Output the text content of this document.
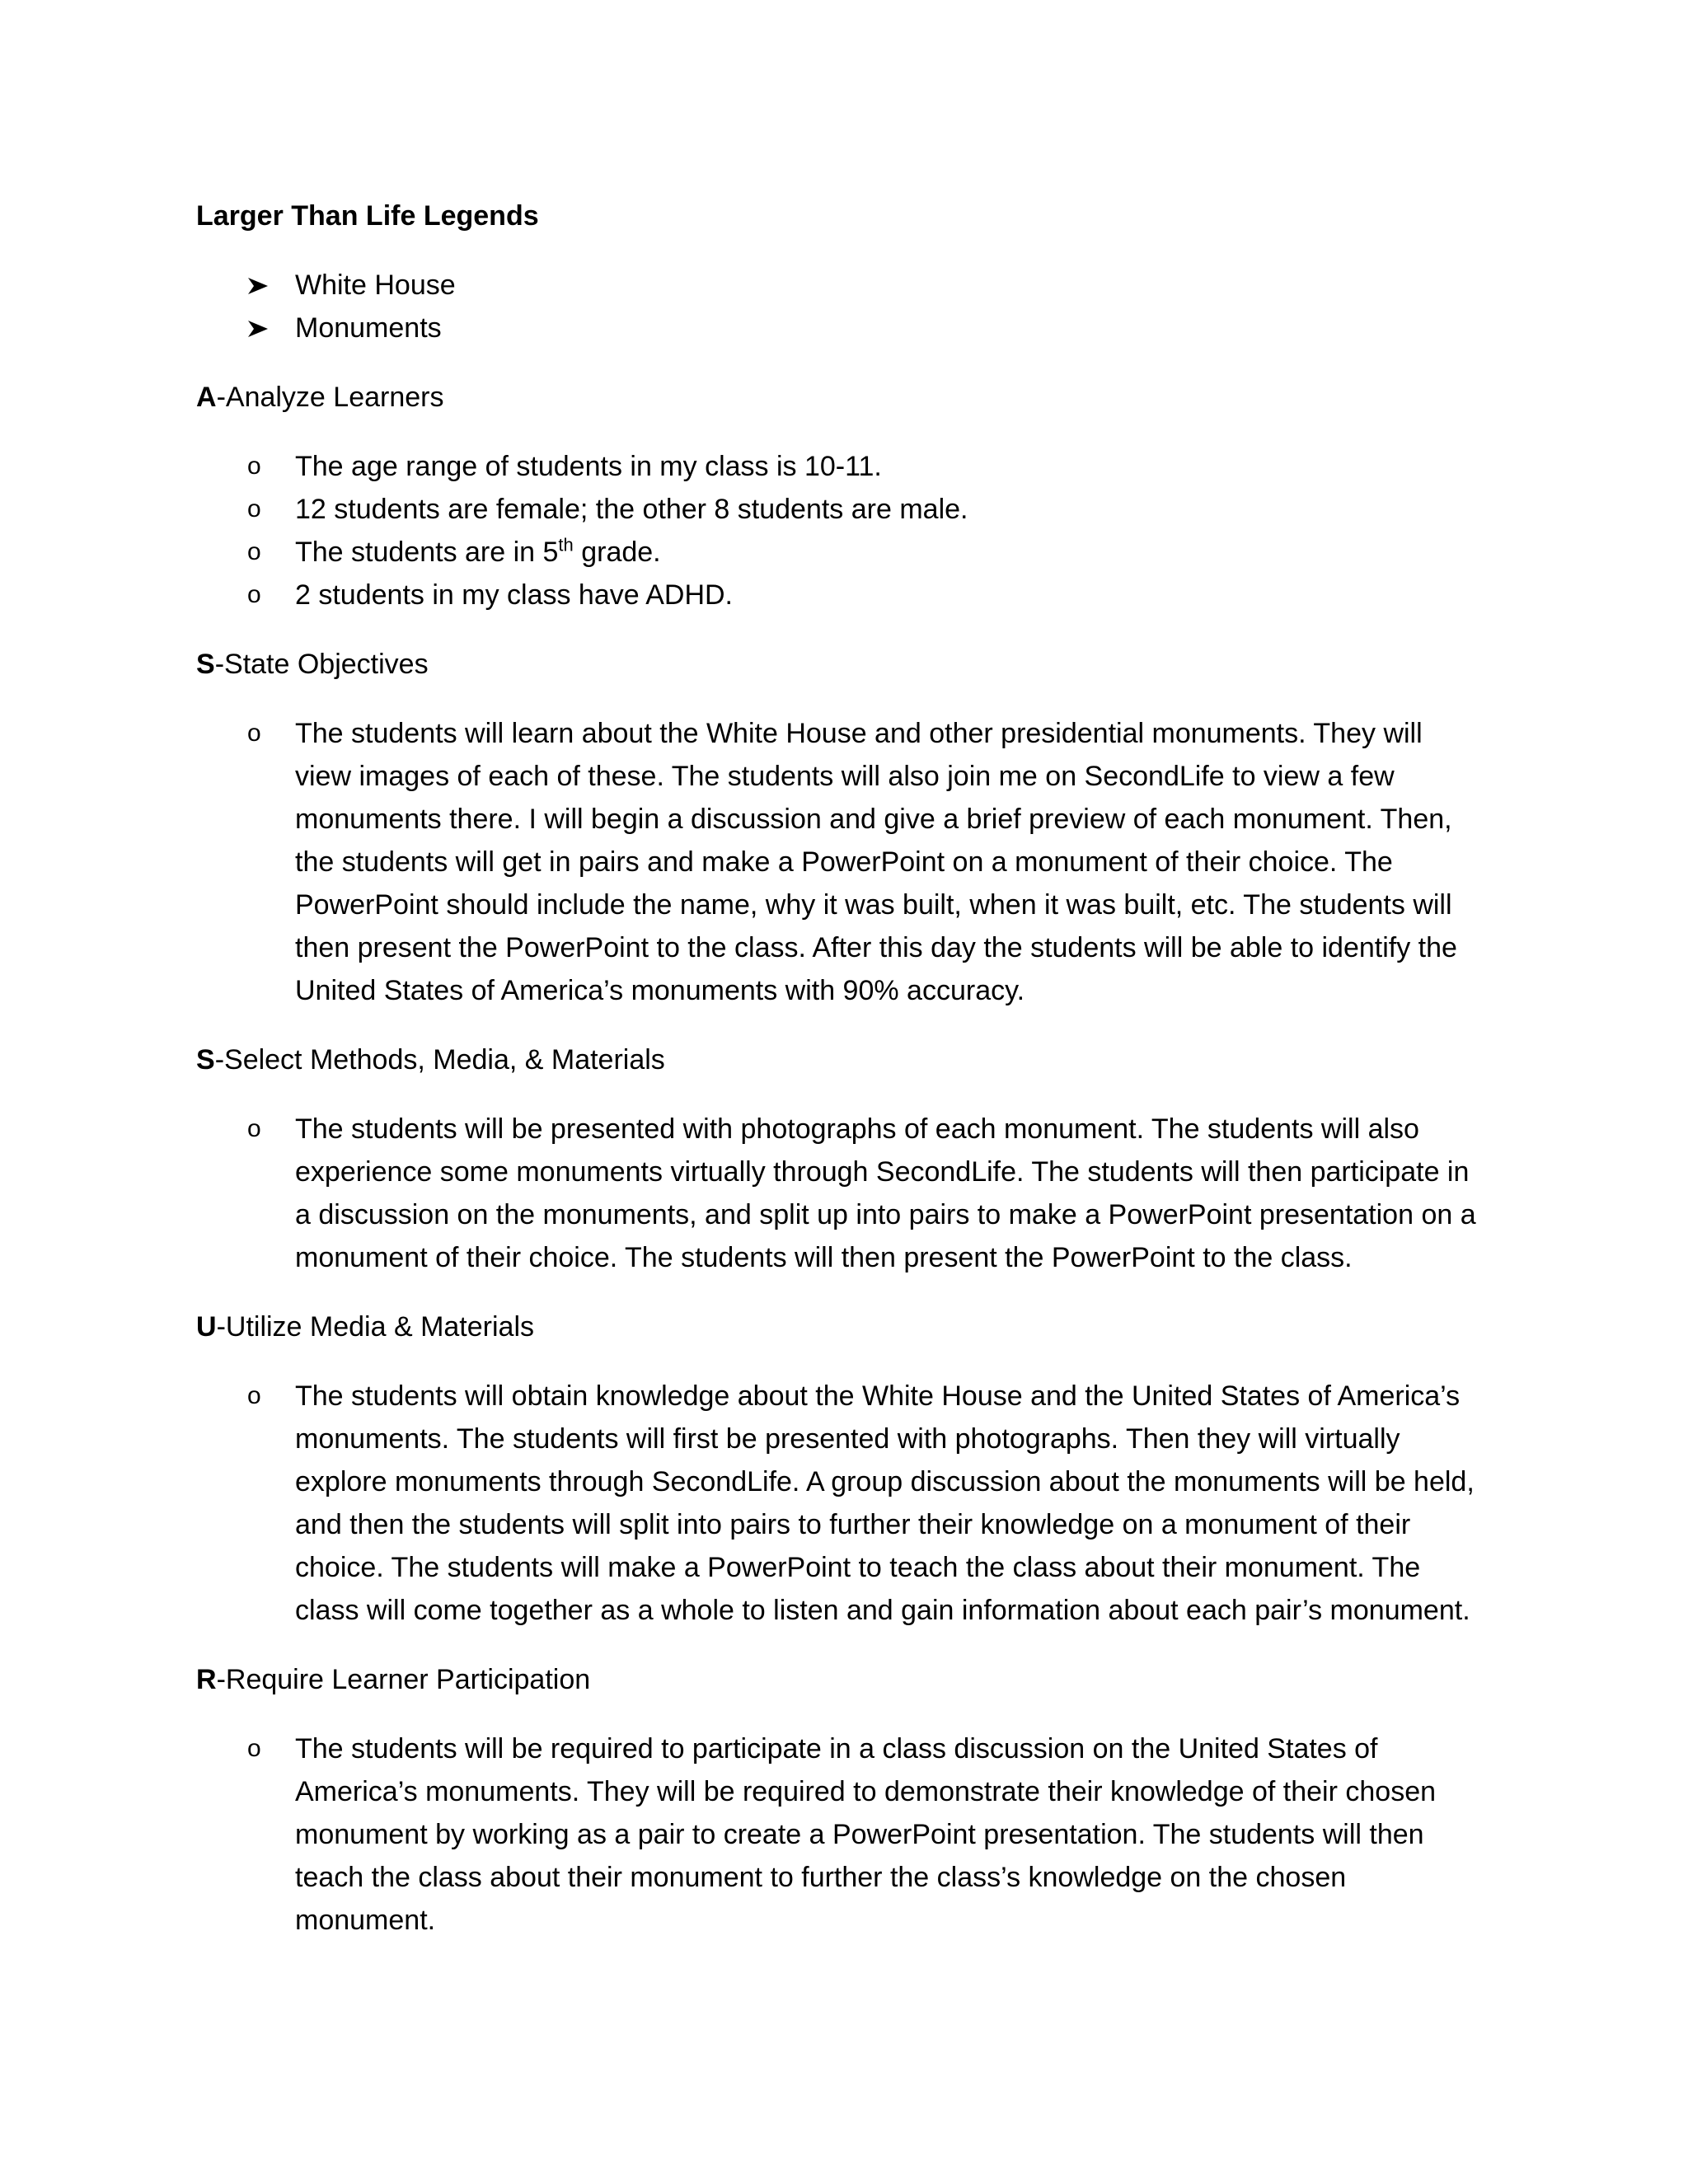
Larger Than Life Legends
White House
Monuments
A-Analyze Learners
o	The age range of students in my class is 10-11.
o	12 students are female; the other 8 students are male.
o	The students are in 5th grade.
o	2 students in my class have ADHD.
S-State Objectives
o	The students will learn about the White House and other presidential monuments. They will view images of each of these. The students will also join me on SecondLife to view a few monuments there. I will begin a discussion and give a brief preview of each monument. Then, the students will get in pairs and make a PowerPoint on a monument of their choice. The PowerPoint should include the name, why it was built, when it was built, etc. The students will then present the PowerPoint to the class. After this day the students will be able to identify the United States of America’s monuments with 90% accuracy.
S-Select Methods, Media, & Materials
o	The students will be presented with photographs of each monument. The students will also experience some monuments virtually through SecondLife. The students will then participate in a discussion on the monuments, and split up into pairs to make a PowerPoint presentation on a monument of their choice. The students will then present the PowerPoint to the class.
U-Utilize Media & Materials
o	The students will obtain knowledge about the White House and the United States of America’s monuments. The students will first be presented with photographs. Then they will virtually explore monuments through SecondLife. A group discussion about the monuments will be held, and then the students will split into pairs to further their knowledge on a monument of their choice. The students will make a PowerPoint to teach the class about their monument. The class will come together as a whole to listen and gain information about each pair’s monument.
R-Require Learner Participation
o	The students will be required to participate in a class discussion on the United States of America’s monuments. They will be required to demonstrate their knowledge of their chosen monument by working as a pair to create a PowerPoint presentation. The students will then teach the class about their monument to further the class’s knowledge on the chosen monument.
